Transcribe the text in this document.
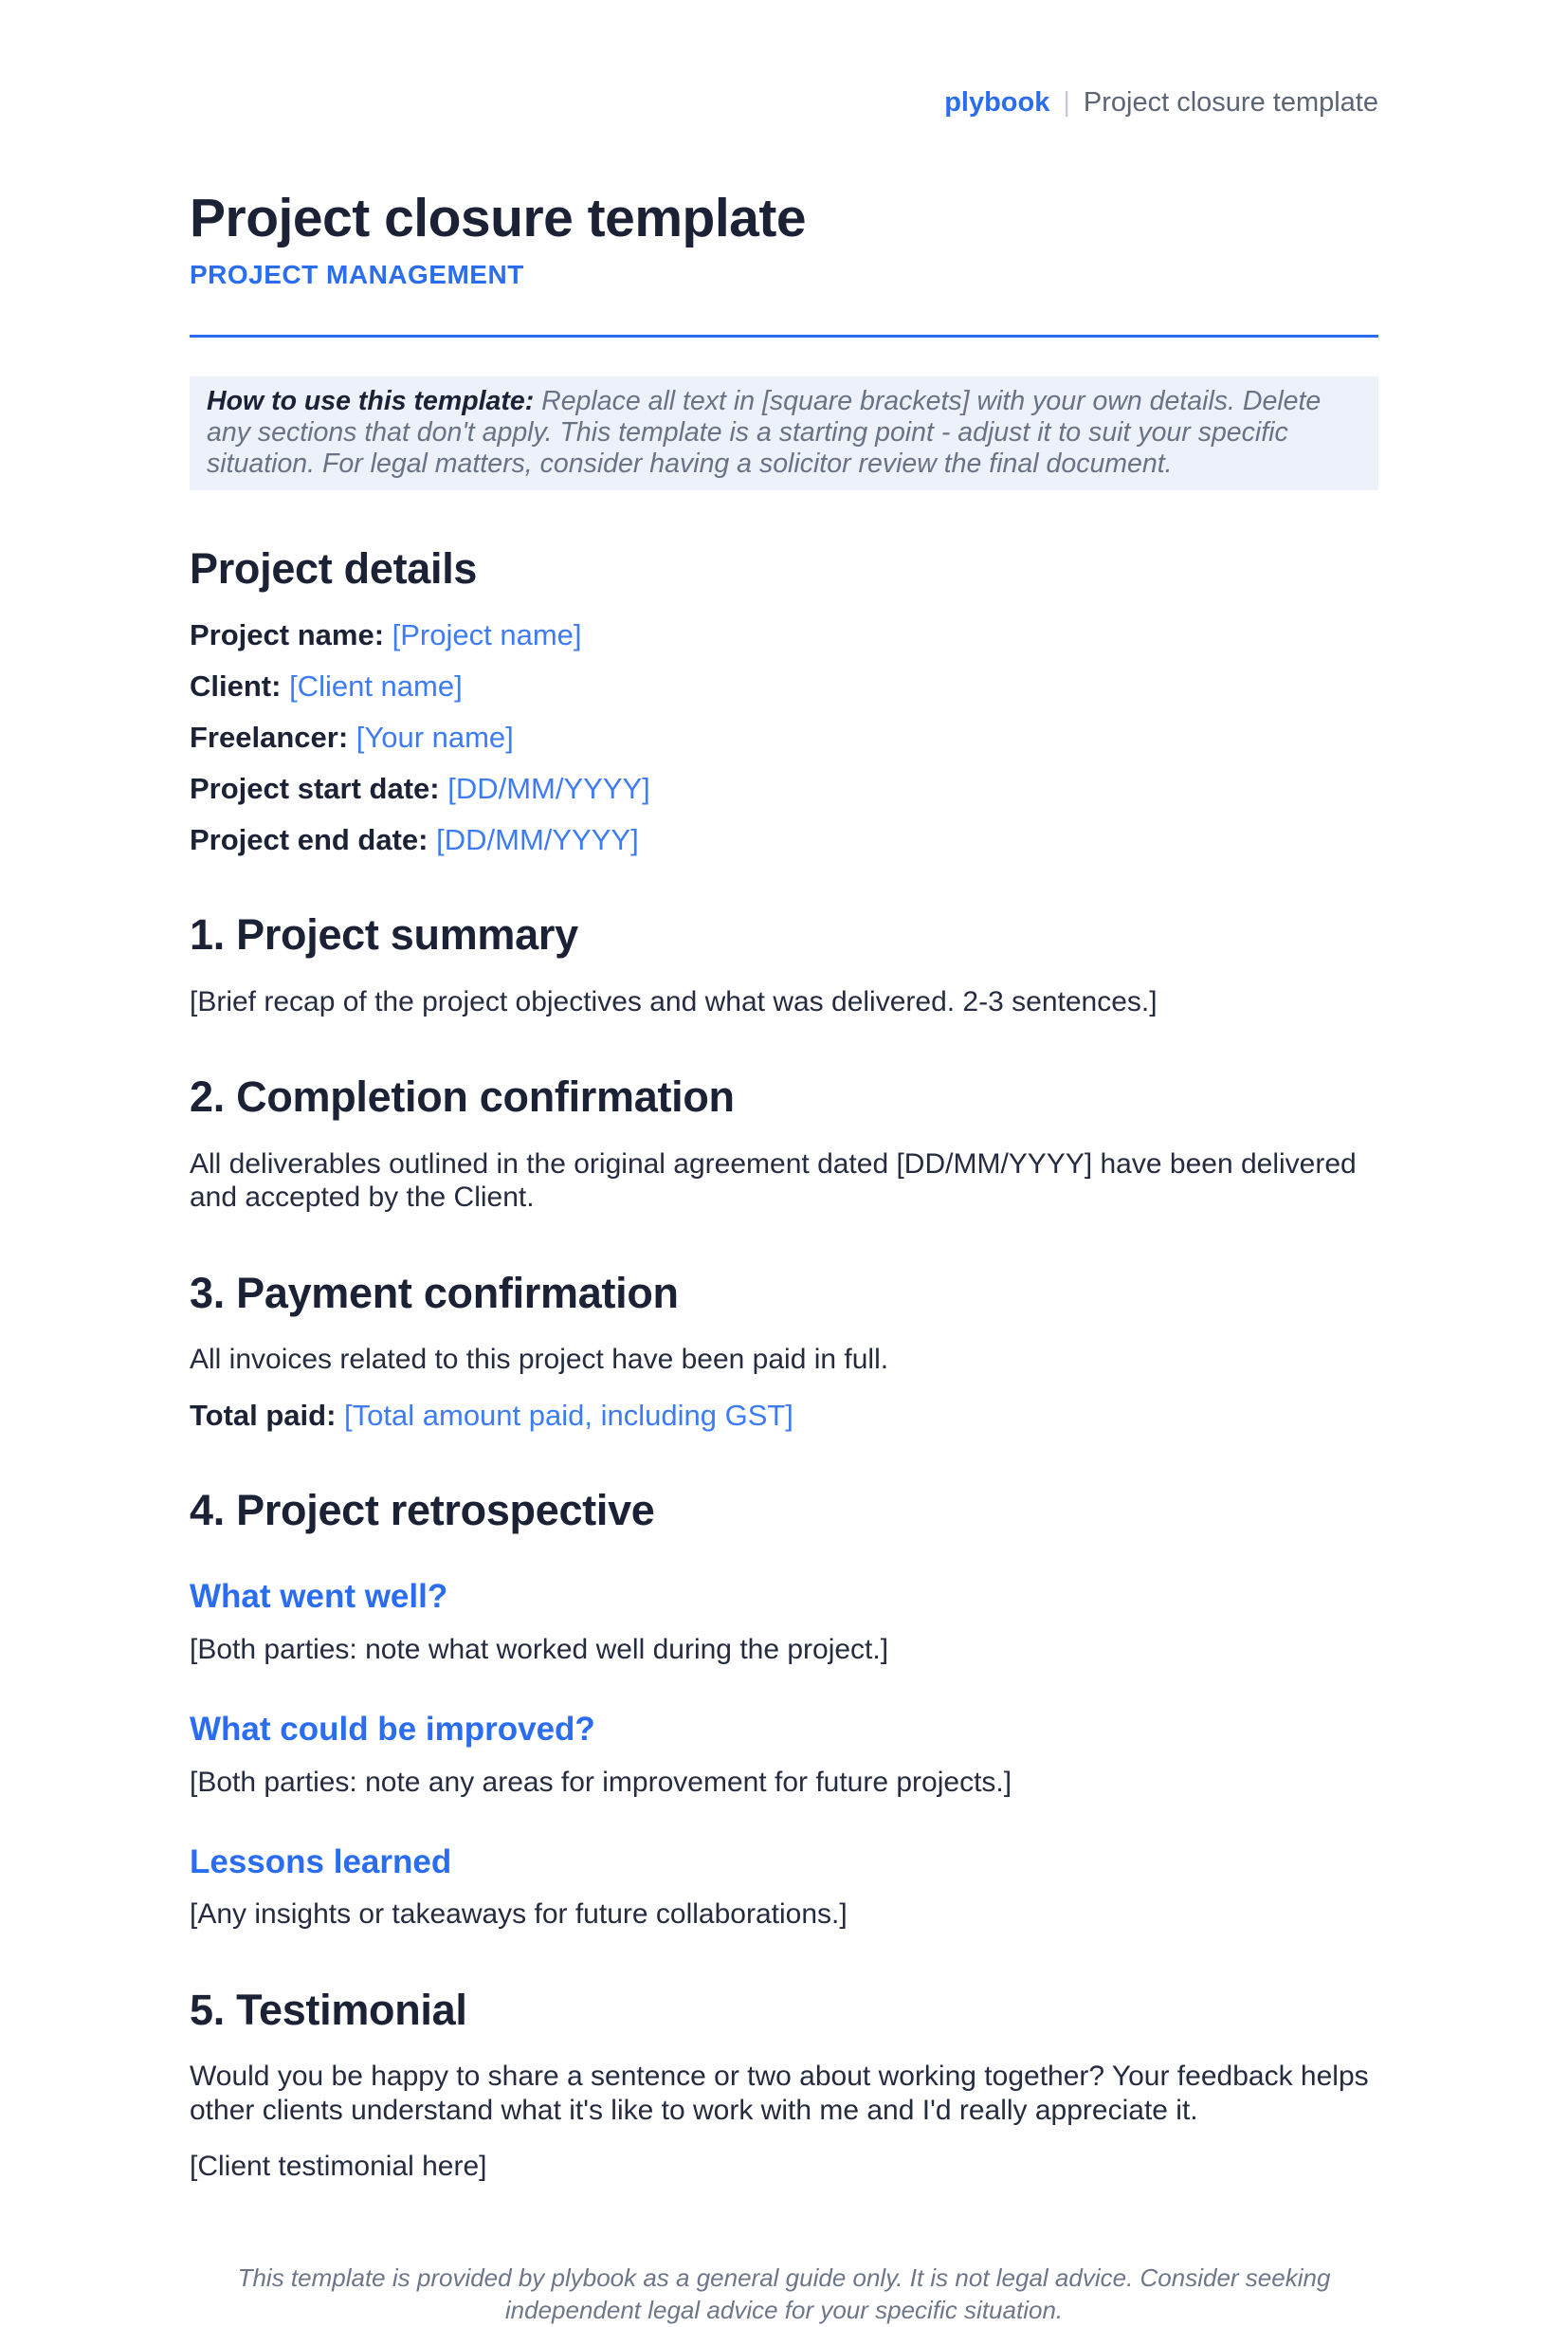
plybook | Project closure template
Project closure template
PROJECT MANAGEMENT
How to use this template: Replace all text in [square brackets] with your own details. Delete any sections that don't apply. This template is a starting point - adjust it to suit your specific situation. For legal matters, consider having a solicitor review the final document.
Project details
Project name: [Project name]
Client: [Client name]
Freelancer: [Your name]
Project start date: [DD/MM/YYYY]
Project end date: [DD/MM/YYYY]
1. Project summary

[Brief recap of the project objectives and what was delivered. 2-3 sentences.]

2. Completion confirmation

All deliverables outlined in the original agreement dated [DD/MM/YYYY] have been delivered and accepted by the Client.

3. Payment confirmation

All invoices related to this project have been paid in full.

Total paid: [Total amount paid, including GST]
4. Project retrospective
What went well?

[Both parties: note what worked well during the project.]

What could be improved?

[Both parties: note any areas for improvement for future projects.]

Lessons learned

[Any insights or takeaways for future collaborations.]

5. Testimonial

Would you be happy to share a sentence or two about working together? Your feedback helps other clients understand what it's like to work with me and I'd really appreciate it.

[Client testimonial here]

This template is provided by plybook as a general guide only. It is not legal advice. Consider seeking independent legal advice for your specific situation.
